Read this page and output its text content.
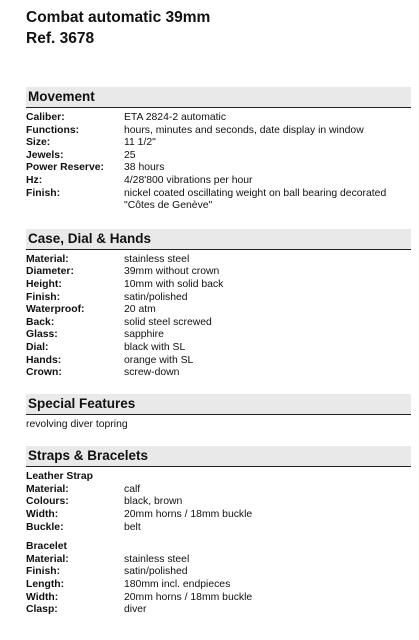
Combat automatic 39mm
Ref. 3678
Movement
Caliber:	ETA 2824-2 automatic
Functions:	hours, minutes and seconds, date display in window
Size:	11 1/2"
Jewels:	25
Power Reserve:	38 hours
Hz:	4/28'800 vibrations per hour
Finish:	nickel coated oscillating weight on ball bearing decorated
"Côtes de Genève"
Case, Dial & Hands
Material:	stainless steel
Diameter:	39mm without crown
Height:	10mm with solid back
Finish:	satin/polished
Waterproof:	20 atm
Back:	solid steel screwed
Glass:	sapphire
Dial:	black with SL
Hands:	orange with SL
Crown:	screw-down
Special Features
revolving diver topring
Straps & Bracelets
Leather Strap
Material:	calf
Colours:	black, brown
Width:	20mm horns / 18mm buckle
Buckle:	belt
Bracelet
Material:	stainless steel
Finish:	satin/polished
Length:	180mm incl. endpieces
Width:	20mm horns / 18mm buckle
Clasp:	diver
